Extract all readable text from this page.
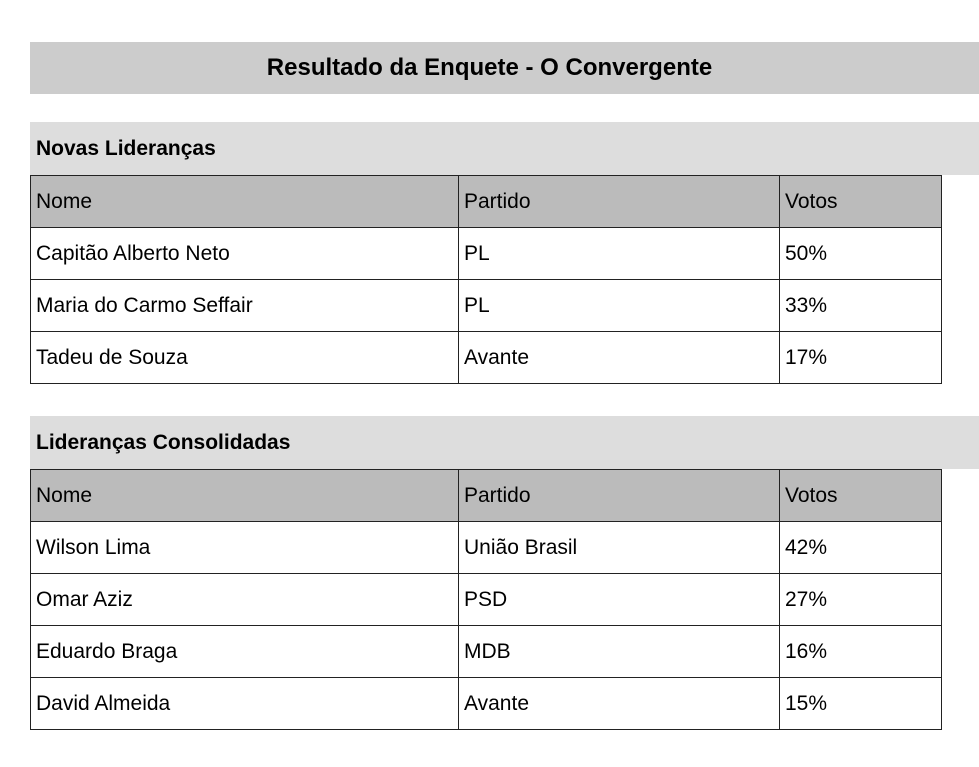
Resultado da Enquete - O Convergente
Novas Lideranças
Nome	Partido	Votos
Capitão Alberto Neto	PL	50%
Maria do Carmo Seffair	PL	33%
Tadeu de Souza	Avante	17%
Lideranças Consolidadas
Nome	Partido	Votos
Wilson Lima	União Brasil	42%
Omar Aziz	PSD	27%
Eduardo Braga	MDB	16%
David Almeida	Avante	15%
